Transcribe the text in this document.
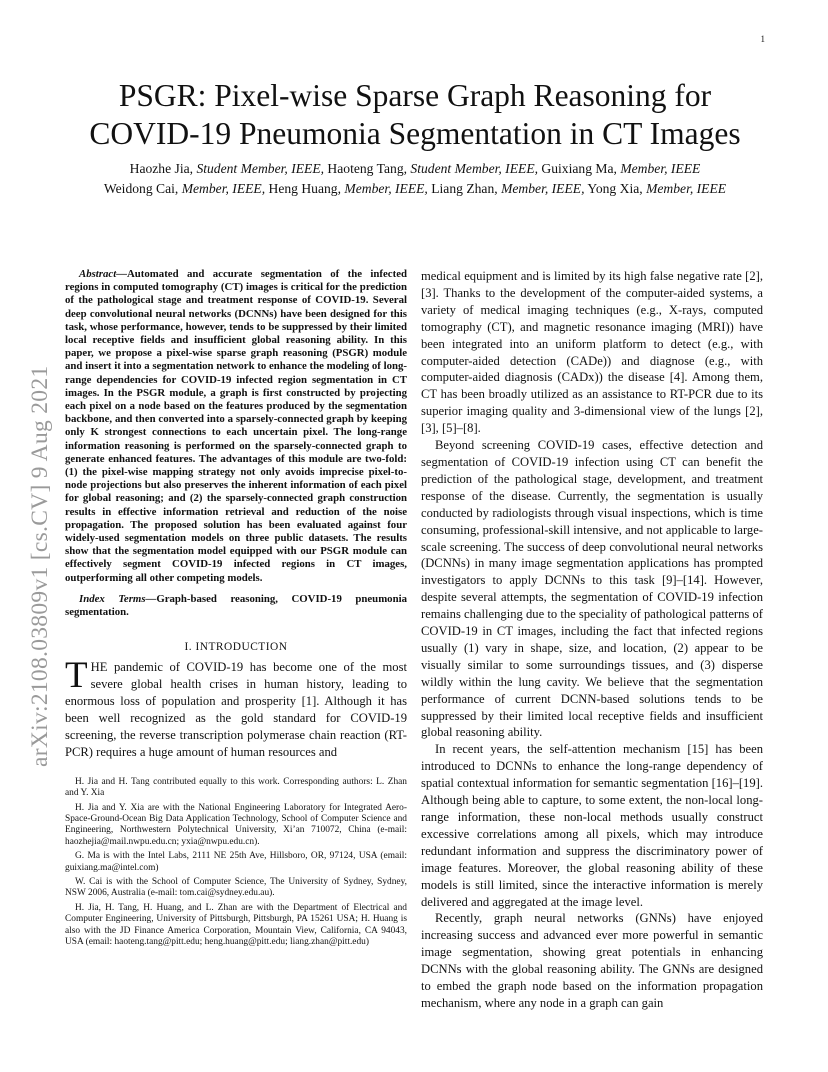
1
arXiv:2108.03809v1 [cs.CV] 9 Aug 2021
PSGR: Pixel-wise Sparse Graph Reasoning for
COVID-19 Pneumonia Segmentation in CT Images
Haozhe Jia, Student Member, IEEE, Haoteng Tang, Student Member, IEEE, Guixiang Ma, Member, IEEE
Weidong Cai, Member, IEEE, Heng Huang, Member, IEEE, Liang Zhan, Member, IEEE, Yong Xia, Member, IEEE

Abstract—Automated and accurate segmentation of the infected regions in computed tomography (CT) images is critical for the prediction of the pathological stage and treatment response of COVID-19. Several deep convolutional neural networks (DCNNs) have been designed for this task, whose performance, however, tends to be suppressed by their limited local receptive fields and insufficient global reasoning ability. In this paper, we propose a pixel-wise sparse graph reasoning (PSGR) module and insert it into a segmentation network to enhance the modeling of long-range dependencies for COVID-19 infected region segmentation in CT images. In the PSGR module, a graph is first constructed by projecting each pixel on a node based on the features produced by the segmentation backbone, and then converted into a sparsely-connected graph by keeping only K strongest connections to each uncertain pixel. The long-range information reasoning is performed on the sparsely-connected graph to generate enhanced features. The advantages of this module are two-fold: (1) the pixel-wise mapping strategy not only avoids imprecise pixel-to-node projections but also preserves the inherent information of each pixel for global reasoning; and (2) the sparsely-connected graph construction results in effective information retrieval and reduction of the noise propagation. The proposed solution has been evaluated against four widely-used segmentation models on three public datasets. The results show that the segmentation model equipped with our PSGR module can effectively segment COVID-19 infected regions in CT images, outperforming all other competing models.

Index Terms—Graph-based reasoning, COVID-19 pneumonia segmentation.

I. INTRODUCTION

THE pandemic of COVID-19 has become one of the most severe global health crises in human history, leading to enormous loss of population and prosperity [1]. Although it has been well recognized as the gold standard for COVID-19 screening, the reverse transcription polymerase chain reaction (RT-PCR) requires a huge amount of human resources and

H. Jia and H. Tang contributed equally to this work. Corresponding authors: L. Zhan and Y. Xia

H. Jia and Y. Xia are with the National Engineering Laboratory for Integrated Aero-Space-Ground-Ocean Big Data Application Technology, School of Computer Science and Engineering, Northwestern Polytechnical University, Xi’an 710072, China (e-mail: haozhejia@mail.nwpu.edu.cn; yxia@nwpu.edu.cn).

G. Ma is with the Intel Labs, 2111 NE 25th Ave, Hillsboro, OR, 97124, USA (email: guixiang.ma@intel.com)

W. Cai is with the School of Computer Science, The University of Sydney, Sydney, NSW 2006, Australia (e-mail: tom.cai@sydney.edu.au).

H. Jia, H. Tang, H. Huang, and L. Zhan are with the Department of Electrical and Computer Engineering, University of Pittsburgh, Pittsburgh, PA 15261 USA; H. Huang is also with the JD Finance America Corporation, Mountain View, California, CA 94043, USA (email: haoteng.tang@pitt.edu; heng.huang@pitt.edu; liang.zhan@pitt.edu)

medical equipment and is limited by its high false negative rate [2], [3]. Thanks to the development of the computer-aided systems, a variety of medical imaging techniques (e.g., X-rays, computed tomography (CT), and magnetic resonance imaging (MRI)) have been integrated into an uniform platform to detect (e.g., with computer-aided detection (CADe)) and diagnose (e.g., with computer-aided diagnosis (CADx)) the disease [4]. Among them, CT has been broadly utilized as an assistance to RT-PCR due to its superior imaging quality and 3-dimensional view of the lungs [2], [3], [5]–[8].

Beyond screening COVID-19 cases, effective detection and segmentation of COVID-19 infection using CT can benefit the prediction of the pathological stage, development, and treatment response of the disease. Currently, the segmentation is usually conducted by radiologists through visual inspections, which is time consuming, professional-skill intensive, and not applicable to large-scale screening. The success of deep convolutional neural networks (DCNNs) in many image segmentation applications has prompted investigators to apply DCNNs to this task [9]–[14]. However, despite several attempts, the segmentation of COVID-19 infection remains challenging due to the speciality of pathological patterns of COVID-19 in CT images, including the fact that infected regions usually (1) vary in shape, size, and location, (2) appear to be visually similar to some surroundings tissues, and (3) disperse wildly within the lung cavity. We believe that the segmentation performance of current DCNN-based solutions tends to be suppressed by their limited local receptive fields and insufficient global reasoning ability.

In recent years, the self-attention mechanism [15] has been introduced to DCNNs to enhance the long-range dependency of spatial contextual information for semantic segmentation [16]–[19]. Although being able to capture, to some extent, the non-local long-range information, these non-local methods usually construct excessive correlations among all pixels, which may introduce redundant information and suppress the discriminatory power of image features. Moreover, the global reasoning ability of these models is still limited, since the interactive information is merely delivered and aggregated at the image level.

Recently, graph neural networks (GNNs) have enjoyed increasing success and advanced ever more powerful in semantic image segmentation, showing great potentials in enhancing DCNNs with the global reasoning ability. The GNNs are designed to embed the graph node based on the information propagation mechanism, where any node in a graph can gain
